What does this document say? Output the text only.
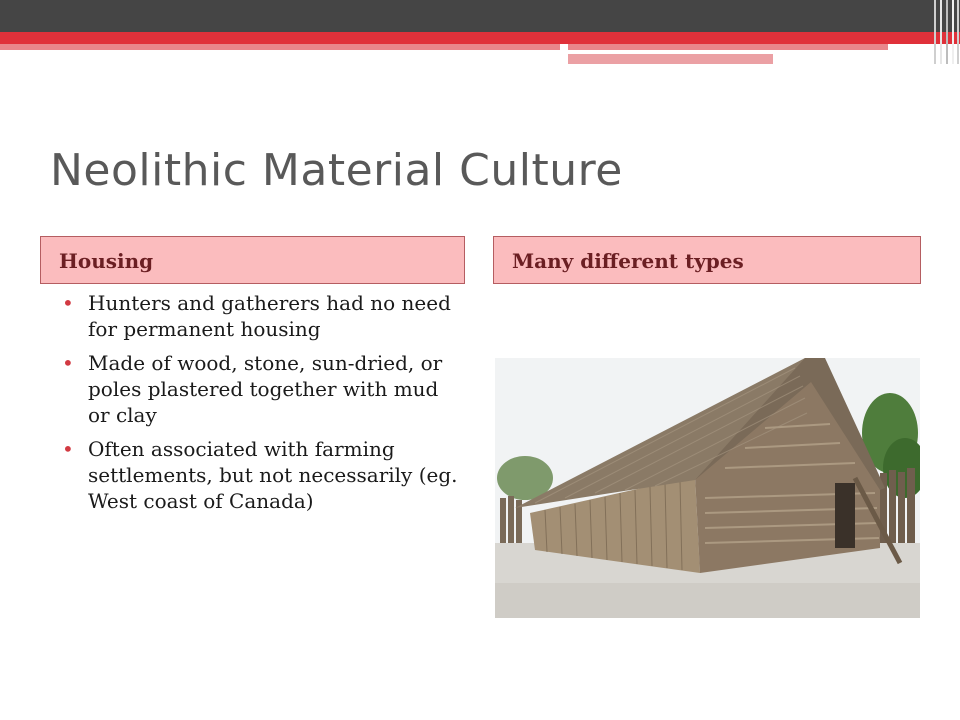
Neolithic Material Culture
Housing	Many different types
• Hunters and gatherers had no need for permanent housing
• Made of wood, stone, sun-dried, or poles plastered together with mud or clay
• Often associated with farming settlements, but not necessarily (eg. West coast of Canada)
